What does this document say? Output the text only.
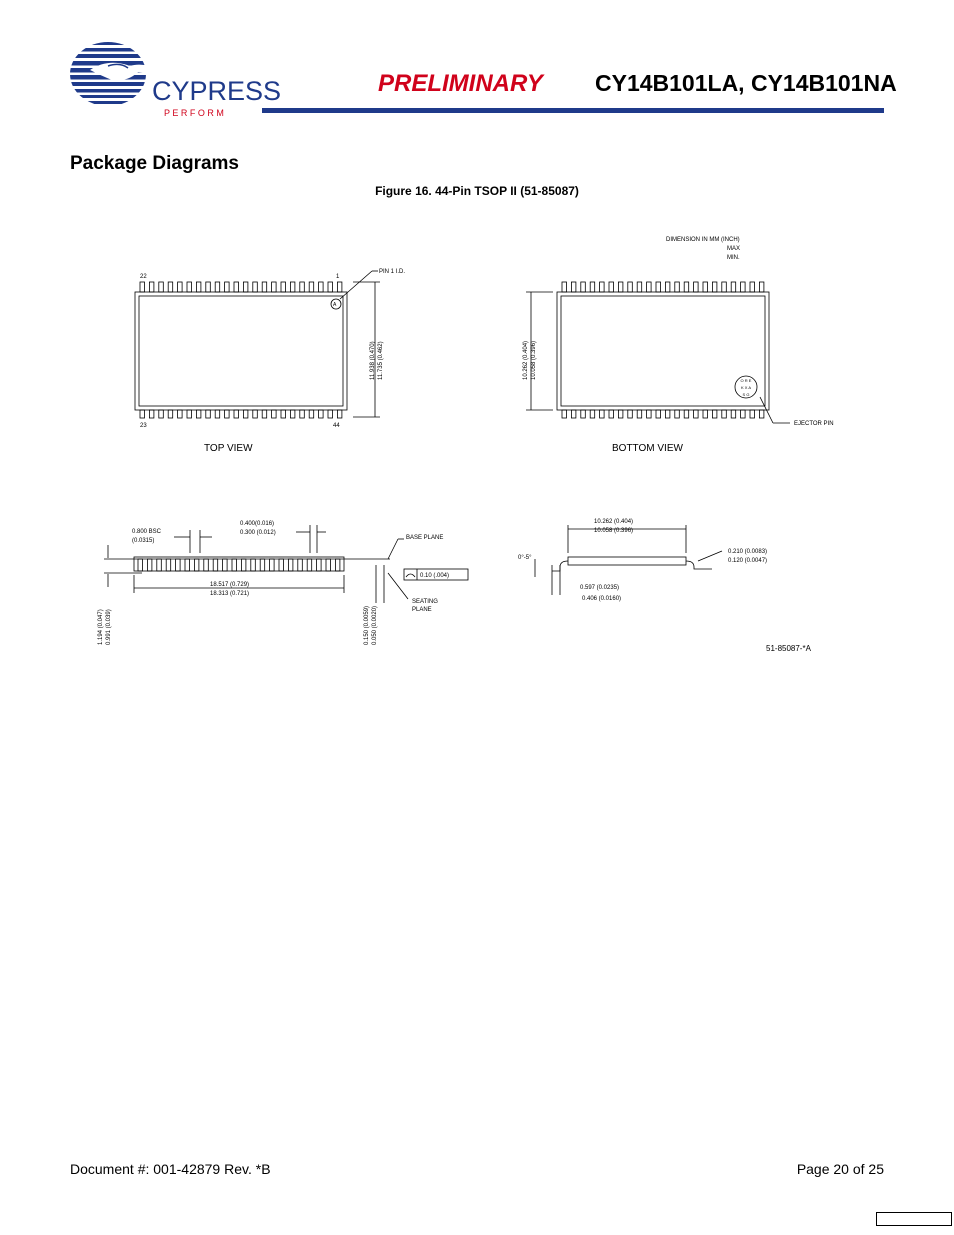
CYPRESS
P E R F O R M
PRELIMINARY CY14B101LA, CY14B101NA
Package Diagrams
Figure 16. 44-Pin TSOP II (51-85087)
DIMENSION IN MM (INCH)
MAX
MIN.
A
PIN 1 I.D.
22	1
23	44
11.938 (0.470) 11.735 (0.462)
TOP VIEW
O R E
K X A
S G
EJECTOR PIN
10.262 (0.404) 10.058 (0.396)
BOTTOM VIEW
1.194 (0.047) 0.991 (0.039)
0.800 BSC
(0.0315)
0.400(0.016)
0.300 (0.012)
18.517 (0.729)
18.313 (0.721)
0.150 (0.0059) 0.050 (0.0020)
BASE PLANE
0.10 (.004)
SEATING
PLANE
10.262 (0.404)
10.058 (0.396)
0°-5°
0.597 (0.0235)
0.406 (0.0160)
0.210 (0.0083)
0.120 (0.0047)
51-85087-*A
Document #: 001-42879 Rev. *B	Page 20 of 25
